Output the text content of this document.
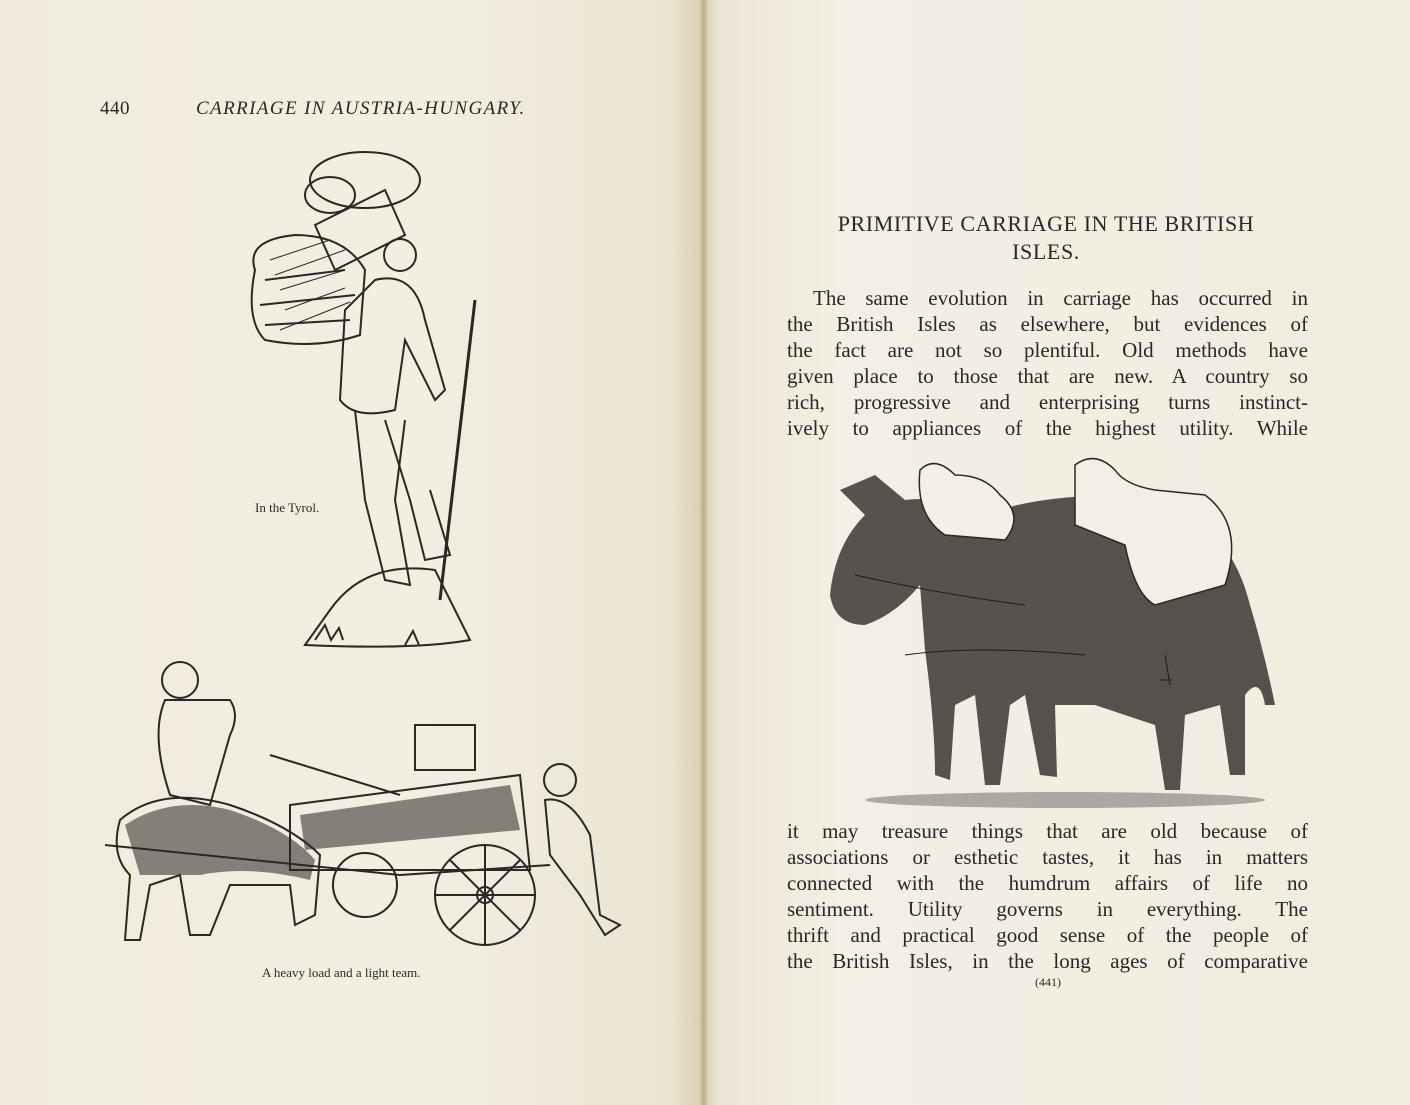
440	CARRIAGE IN AUSTRIA-HUNGARY.
In the Tyrol.
A heavy load and a light team.
PRIMITIVE CARRIAGE IN THE BRITISH
ISLES.
The same evolution in carriage has occurred in
the British Isles as elsewhere, but evidences of
the fact are not so plentiful. Old methods have
given place to those that are new. A country so
rich, progressive and enterprising turns instinct-
ively to appliances of the highest utility. While
it may treasure things that are old because of
associations or esthetic tastes, it has in matters
connected with the humdrum affairs of life no
sentiment. Utility governs in everything. The
thrift and practical good sense of the people of
the British Isles, in the long ages of comparative
(441)
